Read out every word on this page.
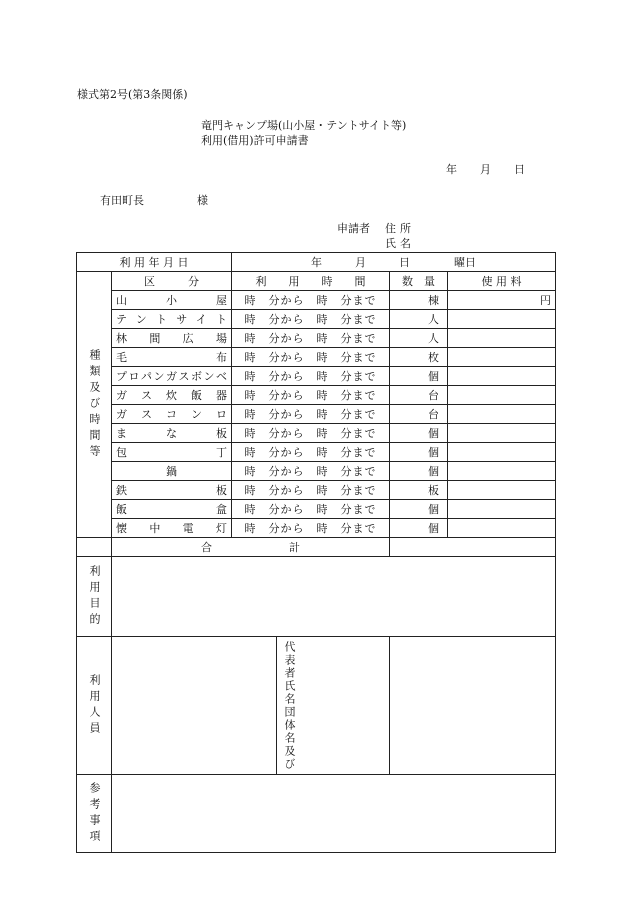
様式第2号(第3条関係)
竜門キャンプ場(山小屋・テントサイト等)
利用(借用)許可申請書
年 月 日
有田町長	様
申請者 住所
氏名
利 用 年 月 日		年　　　月　　　日　　　　曜日			
種類及び時間等	区　　　分	利　　用　　時　　間		数　量	使 用 料
	山小屋	時　分から　時　分まで		棟	円
	テントサイト	時　分から　時　分まで		人	
	林間広場	時　分から　時　分まで		人	
	毛布	時　分から　時　分まで		枚	
	プロパンガスボンベ	時　分から　時　分まで		個	
	ガス炊飯器	時　分から　時　分まで		台	
	ガスコンロ	時　分から　時　分まで		台	
	まな板	時　分から　時　分まで		個	
	包丁	時　分から　時　分まで		個	
	鍋	時　分から　時　分まで		個	
	鉄板	時　分から　時　分まで		板	
	飯盒	時　分から　時　分まで		個	
	懐中電灯	時　分から　時　分まで		個	
	合　　　　　　　計				
利用目的					
利用人員			代表者氏名団体名及び		
参考事項					
